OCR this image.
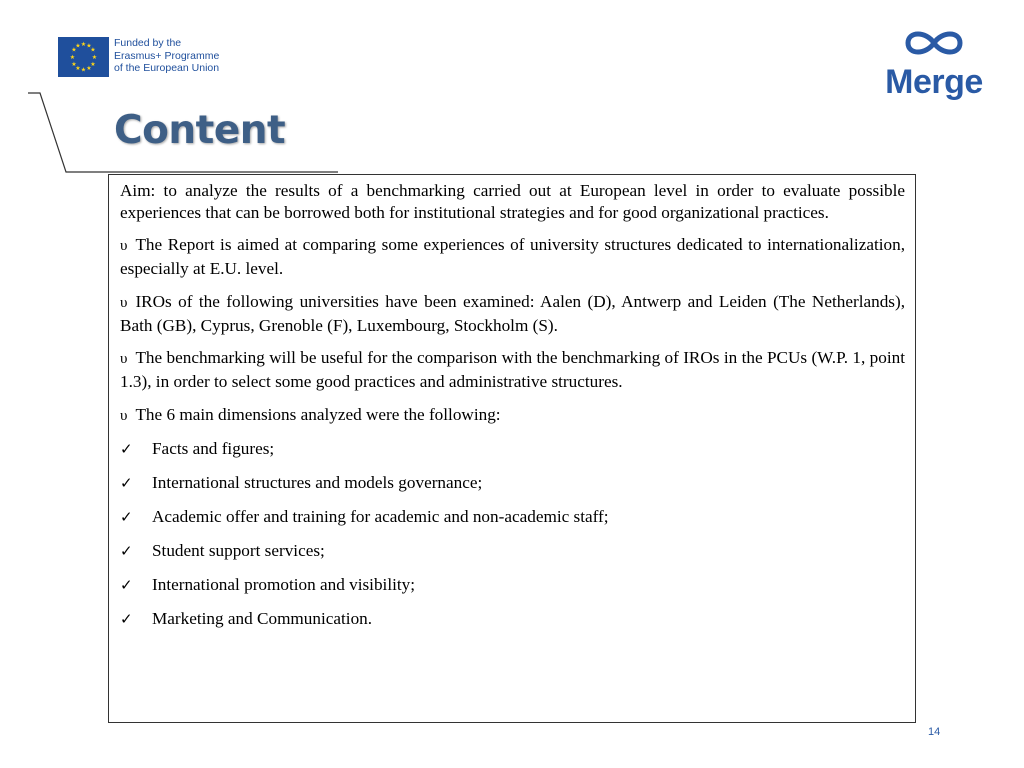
★ ★
★
★
★
★
★
★
★
★
★
★	Funded by the
Erasmus+ Programme
of the European Union	Merge
Content
Aim: to analyze the results of a benchmarking carried out at European level in order to evaluate possible experiences that can be borrowed both for institutional strategies and for good organizational practices.
υ The Report is aimed at comparing some experiences of university structures dedicated to internationalization, especially at E.U. level.
υ IROs of the following universities have been examined: Aalen (D), Antwerp and Leiden (The Netherlands), Bath (GB), Cyprus, Grenoble (F), Luxembourg, Stockholm (S).
υ The benchmarking will be useful for the comparison with the benchmarking of IROs in the PCUs (W.P. 1, point 1.3), in order to select some good practices and administrative structures.
υ The 6 main dimensions analyzed were the following:
✓	Facts and figures;
✓	International structures and models governance;
✓	Academic offer and training for academic and non-academic staff;
✓	Student support services;
✓	International promotion and visibility;
✓	Marketing and Communication.
14
